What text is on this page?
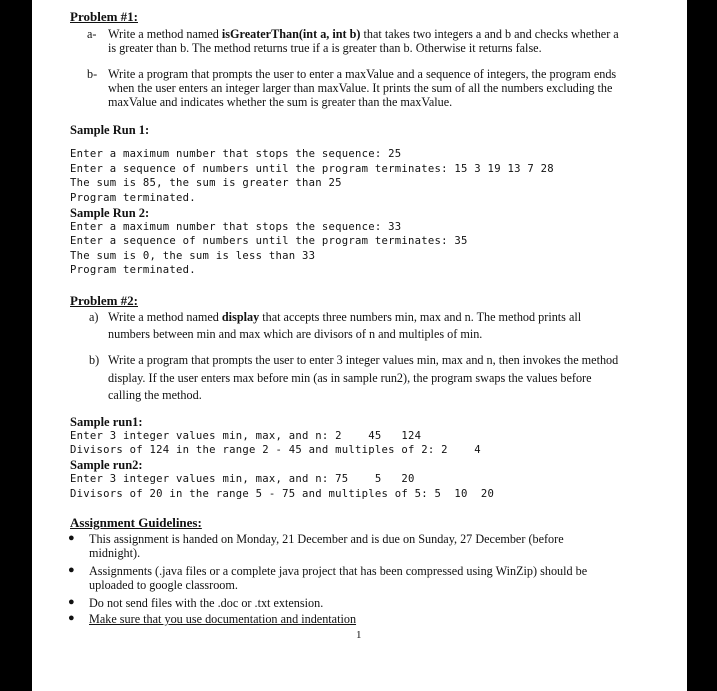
Problem #1:
a- Write a method named isGreaterThan(int a, int b) that takes two integers a and b and checks whether a
is greater than b. The method returns true if a is greater than b. Otherwise it returns false.
b- Write a program that prompts the user to enter a maxValue and a sequence of integers, the program ends
when the user enters an integer larger than maxValue. It prints the sum of all the numbers excluding the
maxValue and indicates whether the sum is greater than the maxValue.
Sample Run 1:
Enter a maximum number that stops the sequence: 25
Enter a sequence of numbers until the program terminates: 15 3 19 13 7 28
The sum is 85, the sum is greater than 25
Program terminated.
Sample Run 2:
Enter a maximum number that stops the sequence: 33
Enter a sequence of numbers until the program terminates: 35
The sum is 0, the sum is less than 33
Program terminated.
Problem #2:
a) Write a method named display that accepts three numbers min, max and n. The method prints all
numbers between min and max which are divisors of n and multiples of min.
b) Write a program that prompts the user to enter 3 integer values min, max and n, then invokes the method
display. If the user enters max before min (as in sample run2), the program swaps the values before
calling the method.
Sample run1:
Enter 3 integer values min, max, and n: 2    45   124
Divisors of 124 in the range 2 - 45 and multiples of 2: 2    4
Sample run2:
Enter 3 integer values min, max, and n: 75    5   20
Divisors of 20 in the range 5 - 75 and multiples of 5: 5  10  20
Assignment Guidelines:
● This assignment is handed on Monday, 21 December and is due on Sunday, 27 December (before
midnight).
● Assignments (.java files or a complete java project that has been compressed using WinZip) should be
uploaded to google classroom.
● Do not send files with the .doc or .txt extension.
● Make sure that you use documentation and indentation
1
